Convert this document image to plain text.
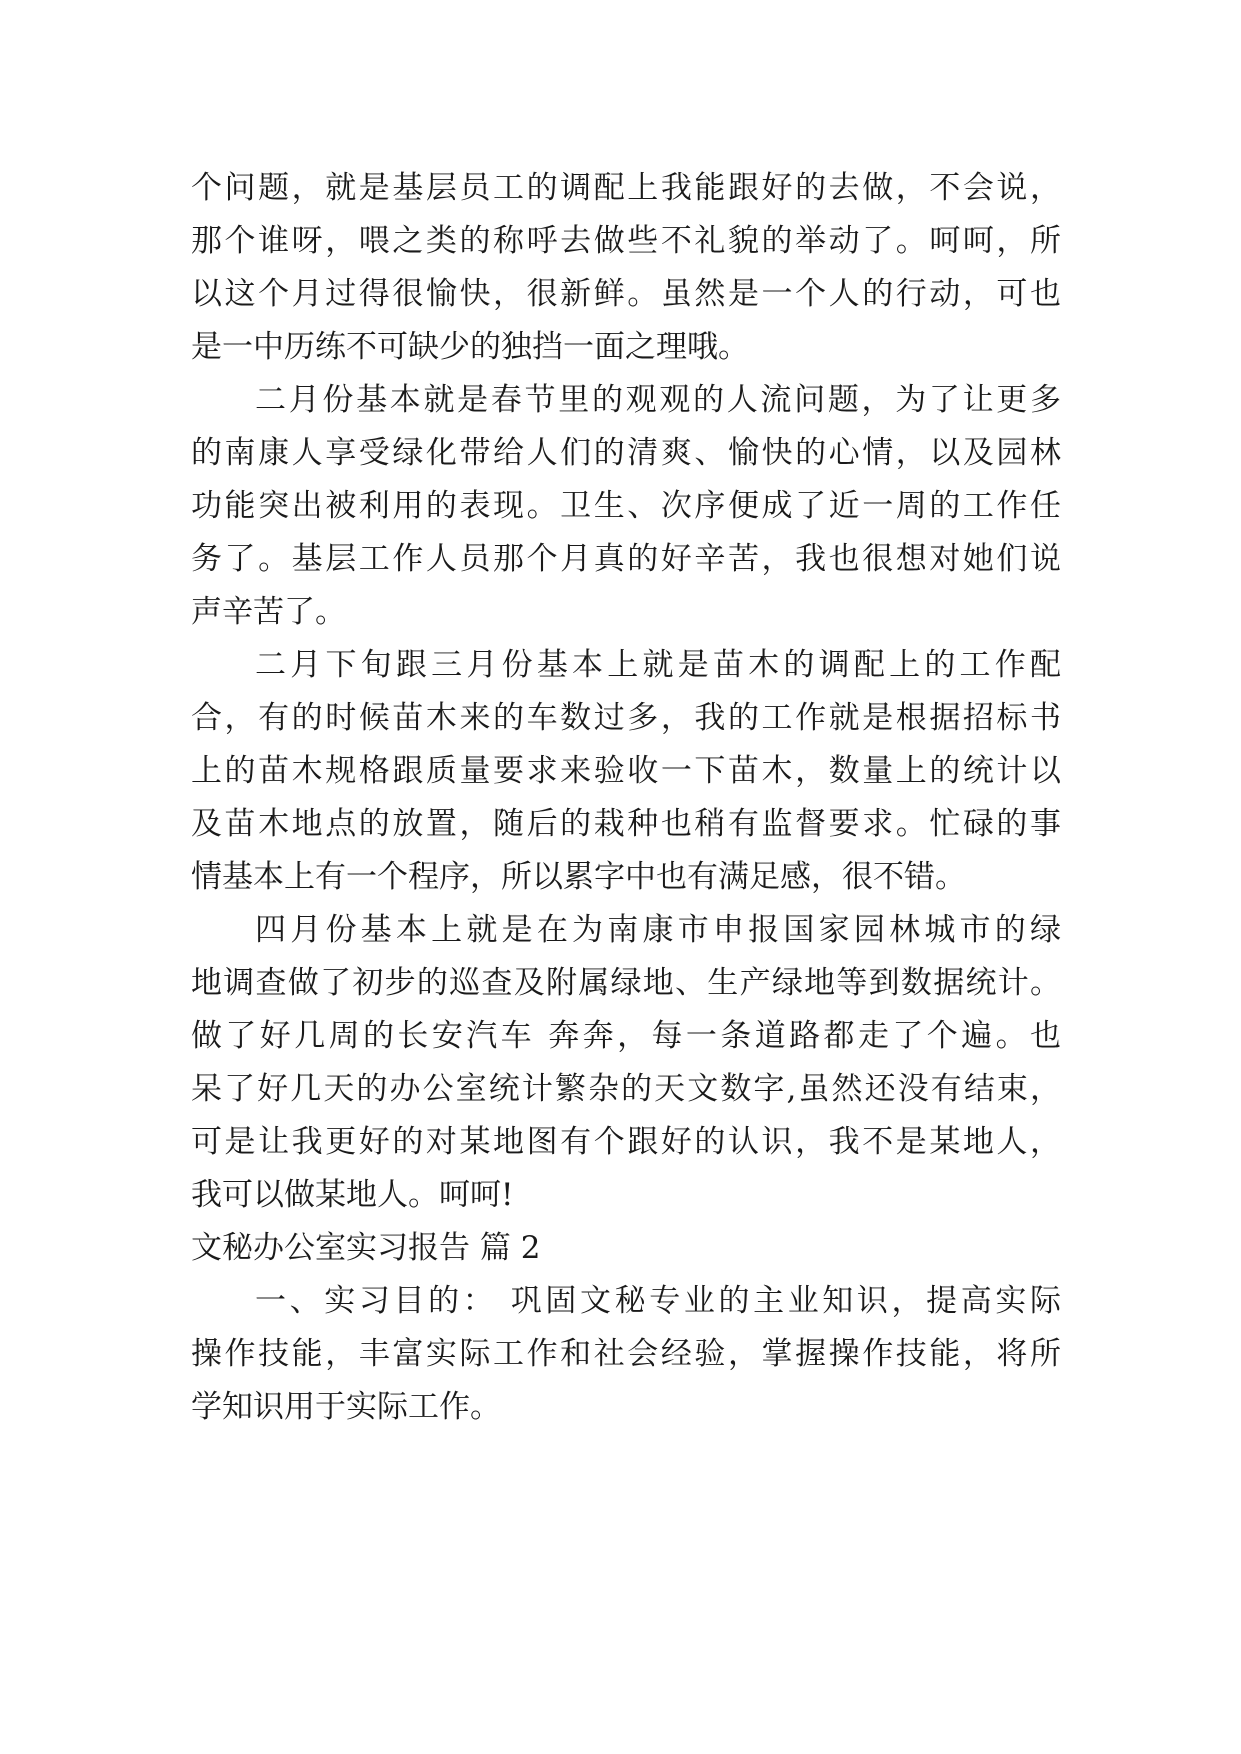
个问题，就是基层员工的调配上我能跟好的去做，不会说，
那个谁呀，喂之类的称呼去做些不礼貌的举动了。呵呵，所
以这个月过得很愉快，很新鲜。虽然是一个人的行动，可也
是一中历练不可缺少的独挡一面之理哦。
二月份基本就是春节里的观观的人流问题，为了让更多
的南康人享受绿化带给人们的清爽、愉快的心情，以及园林
功能突出被利用的表现。卫生、次序便成了近一周的工作任
务了。基层工作人员那个月真的好辛苦，我也很想对她们说
声辛苦了。
二月下旬跟三月份基本上就是苗木的调配上的工作配
合，有的时候苗木来的车数过多，我的工作就是根据招标书
上的苗木规格跟质量要求来验收一下苗木，数量上的统计以
及苗木地点的放置，随后的栽种也稍有监督要求。忙碌的事
情基本上有一个程序，所以累字中也有满足感，很不错。
四月份基本上就是在为南康市申报国家园林城市的绿
地调查做了初步的巡查及附属绿地、生产绿地等到数据统计。
做了好几周的长安汽车 奔奔，每一条道路都走了个遍。也
呆了好几天的办公室统计繁杂的天文数字,虽然还没有结束，
可是让我更好的对某地图有个跟好的认识，我不是某地人，
我可以做某地人。呵呵!
文秘办公室实习报告 篇 2
一、实习目的： 巩固文秘专业的主业知识，提高实际
操作技能，丰富实际工作和社会经验，掌握操作技能，将所
学知识用于实际工作。
